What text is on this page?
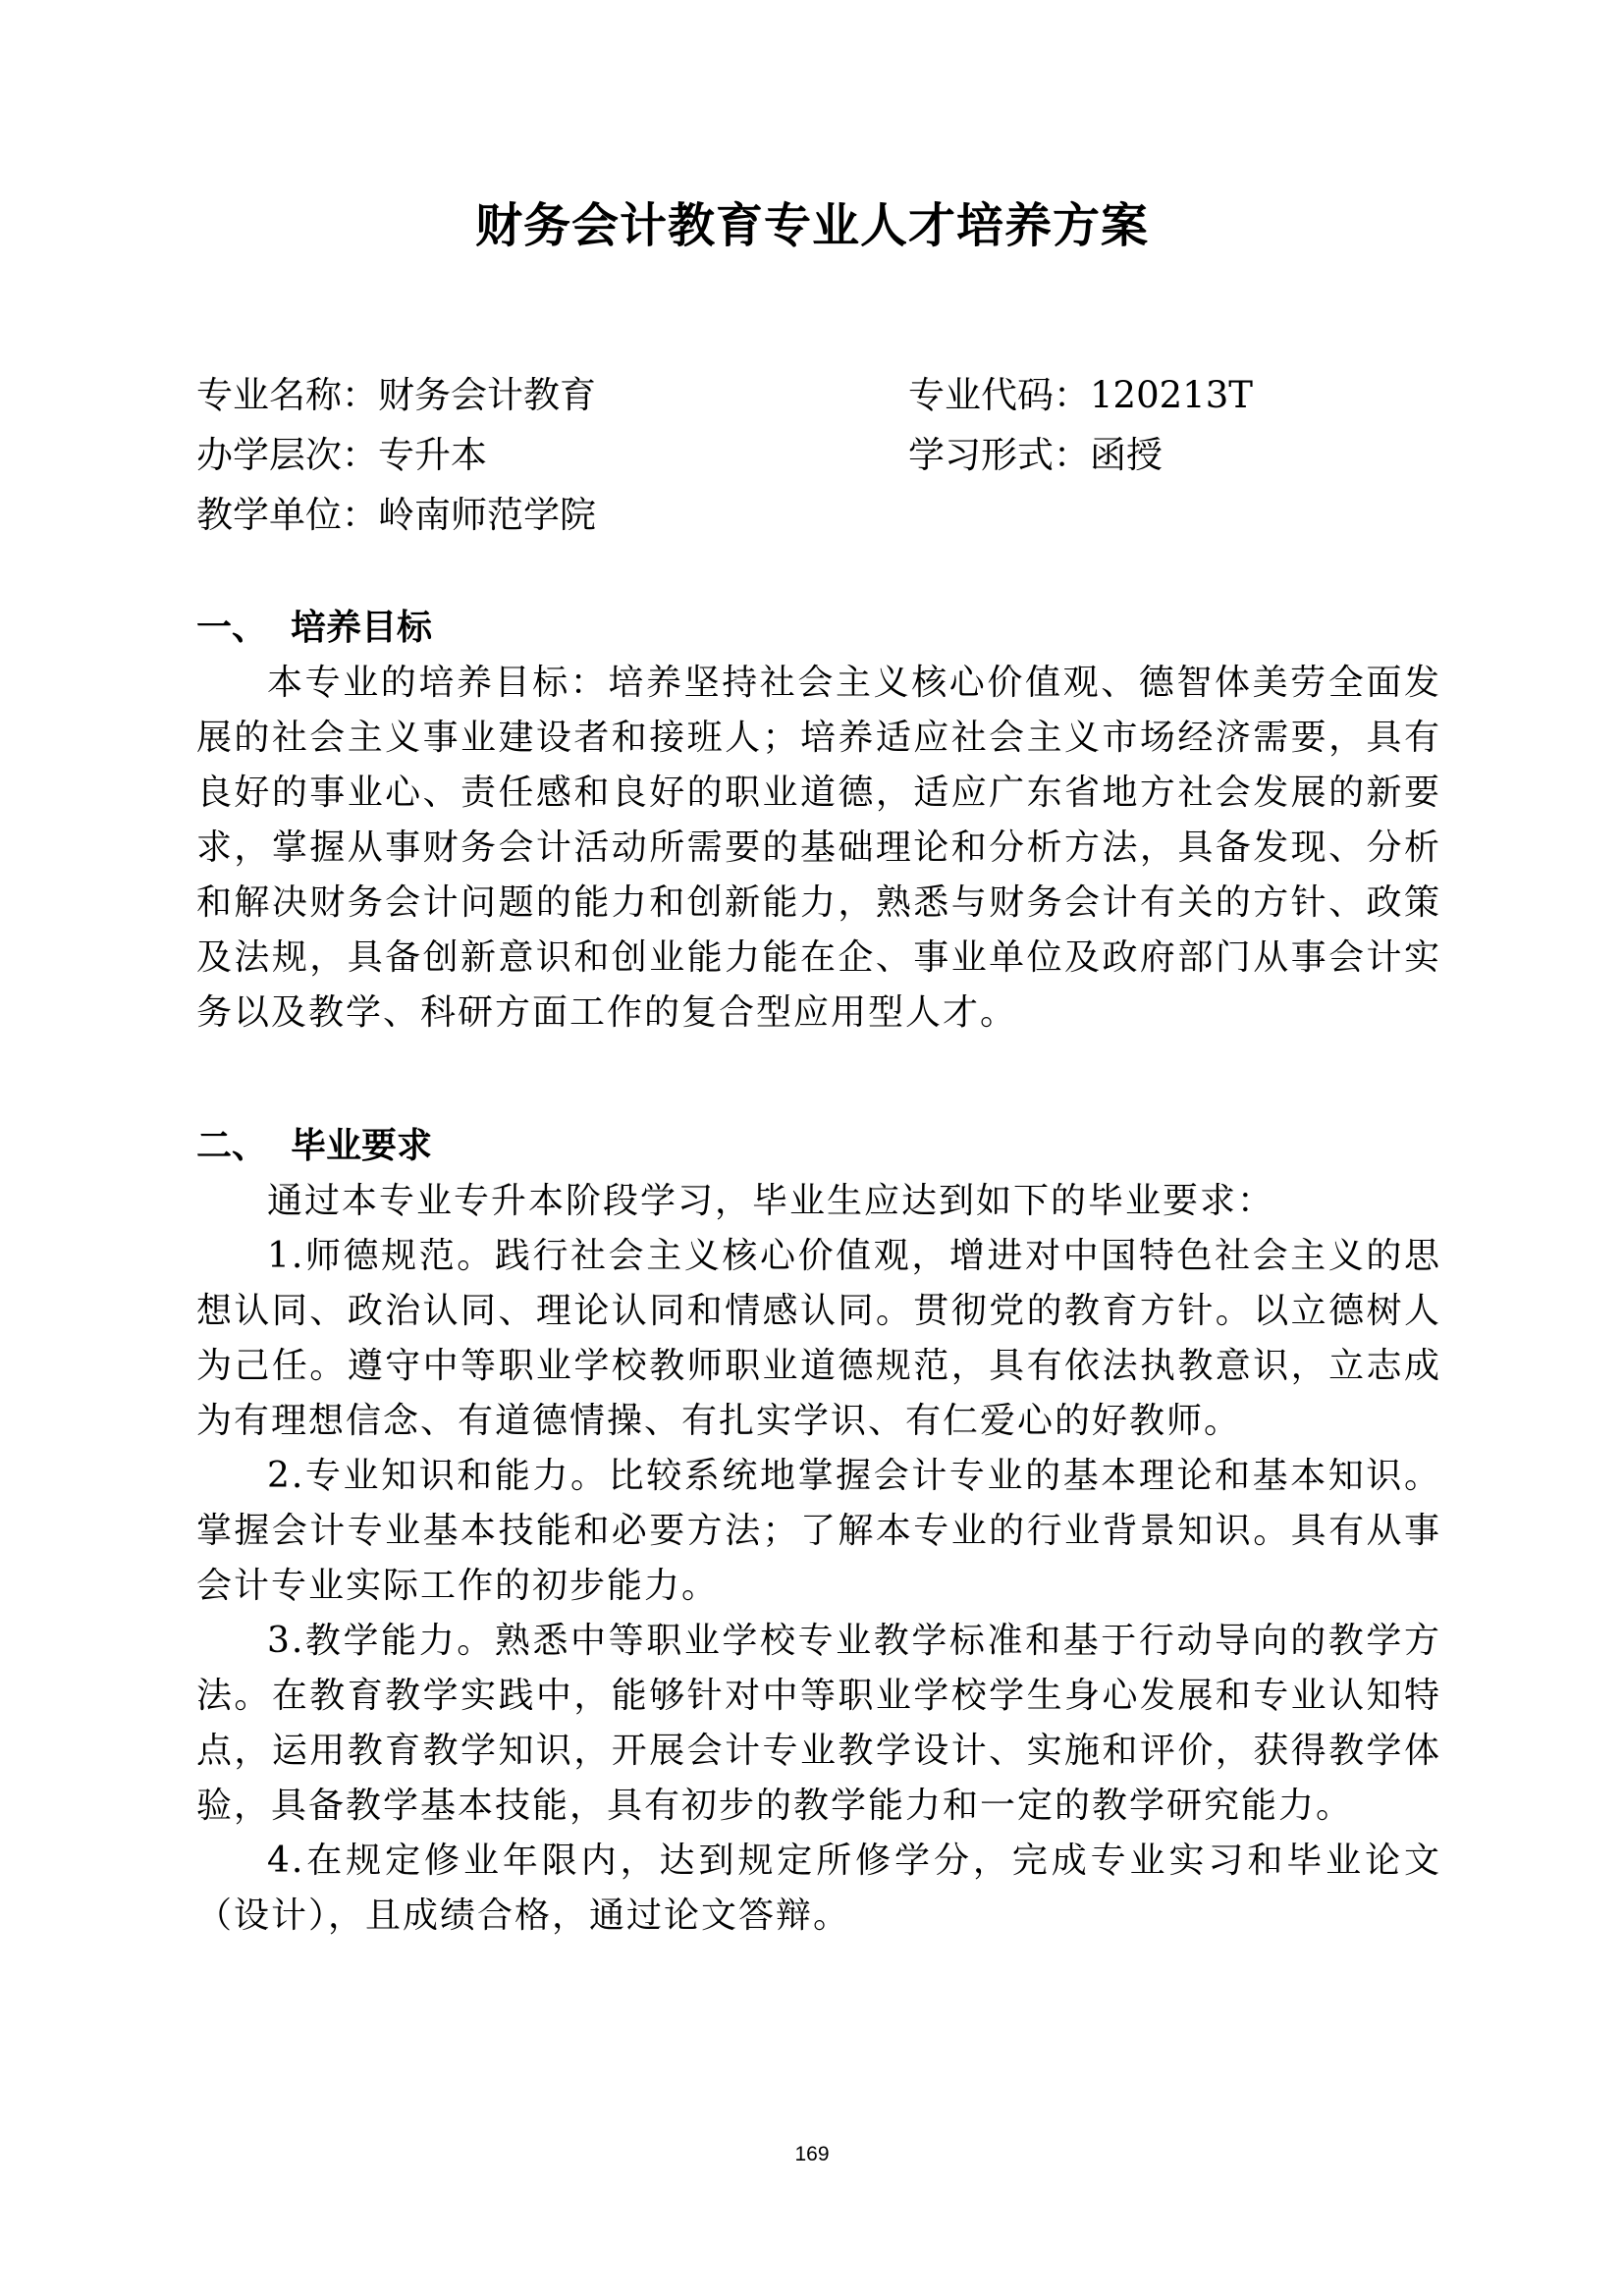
财务会计教育专业人才培养方案
专业名称：财务会计教育	专业代码：120213T
办学层次：专升本	学习形式：函授
教学单位：岭南师范学院
一、 培养目标

本专业的培养目标：培养坚持社会主义核心价值观、德智体美劳全面发展的社会主义事业建设者和接班人；培养适应社会主义市场经济需要，具有良好的事业心、责任感和良好的职业道德，适应广东省地方社会发展的新要求，掌握从事财务会计活动所需要的基础理论和分析方法，具备发现、分析和解决财务会计问题的能力和创新能力，熟悉与财务会计有关的方针、政策及法规，具备创新意识和创业能力能在企、事业单位及政府部门从事会计实务以及教学、科研方面工作的复合型应用型人才。

二、 毕业要求

通过本专业专升本阶段学习，毕业生应达到如下的毕业要求：

1.师德规范。践行社会主义核心价值观，增进对中国特色社会主义的思想认同、政治认同、理论认同和情感认同。贯彻党的教育方针。以立德树人为己任。遵守中等职业学校教师职业道德规范，具有依法执教意识，立志成为有理想信念、有道德情操、有扎实学识、有仁爱心的好教师。

2.专业知识和能力。比较系统地掌握会计专业的基本理论和基本知识。掌握会计专业基本技能和必要方法；了解本专业的行业背景知识。具有从事会计专业实际工作的初步能力。

3.教学能力。熟悉中等职业学校专业教学标准和基于行动导向的教学方法。在教育教学实践中，能够针对中等职业学校学生身心发展和专业认知特点，运用教育教学知识，开展会计专业教学设计、实施和评价，获得教学体验，具备教学基本技能，具有初步的教学能力和一定的教学研究能力。

4.在规定修业年限内，达到规定所修学分，完成专业实习和毕业论文（设计），且成绩合格，通过论文答辩。

169
